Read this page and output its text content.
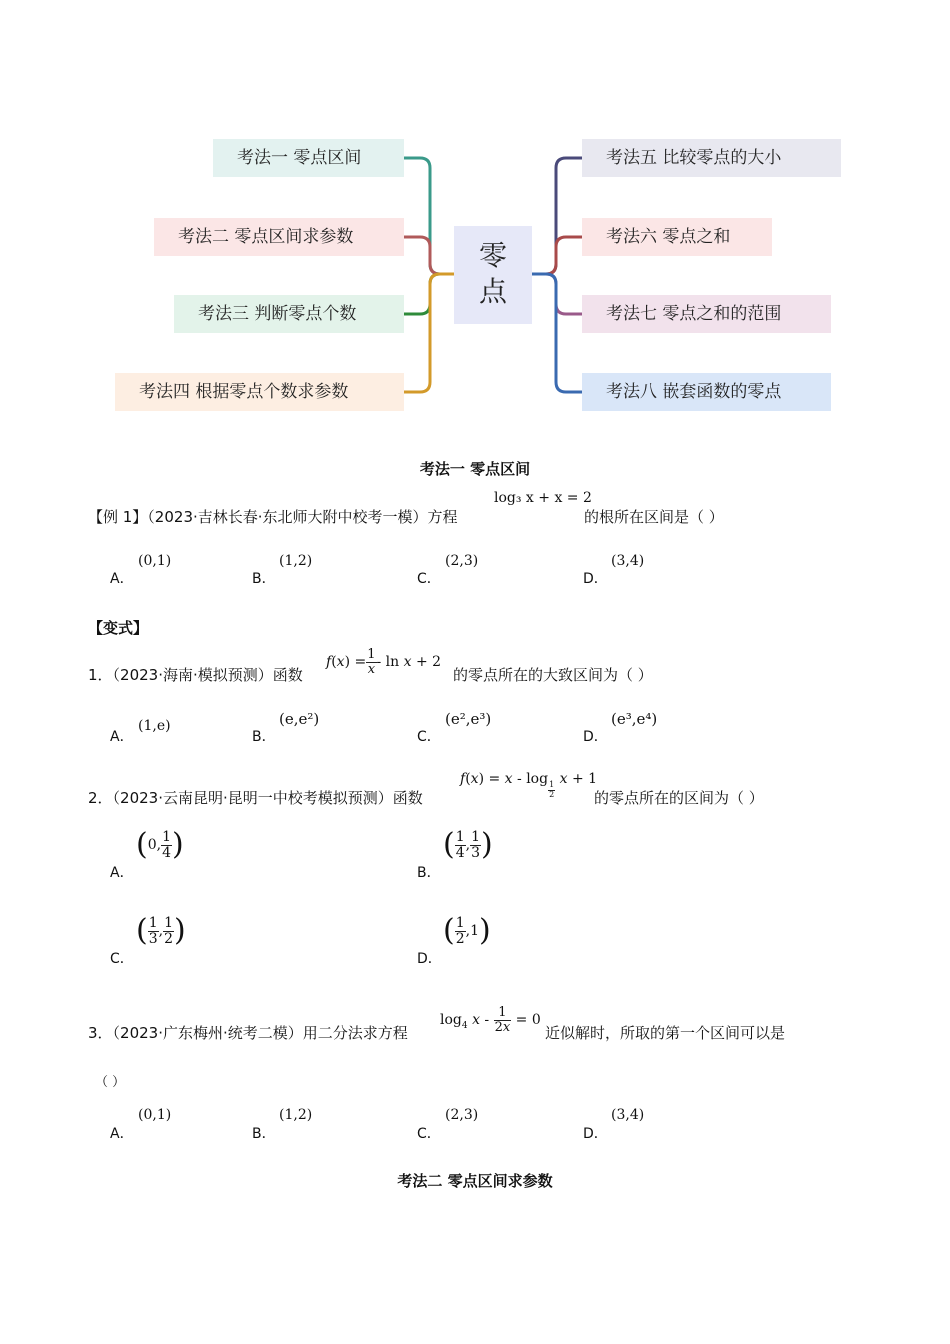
考法一 零点区间
考法二 零点区间求参数
考法三 判断零点个数
考法四 根据零点个数求参数
零
点
考法五 比较零点的大小
考法六 零点之和
考法七 零点之和的范围
考法八 嵌套函数的零点
考法一 零点区间
【例 1】（2023·吉林长春·东北师大附中校考一模）方程
log₃ x + x = 2
的根所在区间是（ ）
A．
(0,1)
B．
(1,2)
C．
(2,3)
D．
(3,4)
【变式】
1．（2023·海南·模拟预测）函数
$f(x) = \frac{1}{x} - \ln x + 2$
的零点所在的大致区间为（ ）
A．
(1,e)
B．
(e,e²)
C．
(e²,e³)
D．
(e³,e⁴)
2．（2023·云南昆明·昆明一中校考模拟预测）函数
f(x) = x - log
$_{\frac{1}{2}}$
x + 1
的零点所在的区间为（ ）
A．
(0, $\frac{1}{4}$ )
B．
( $\frac{1}{4}$ , $\frac{1}{3}$ )
C．
( $\frac{1}{3}$ , $\frac{1}{2}$ )
D．
( $\frac{1}{2} ,1$)
3．（2023·广东梅州·统考二模）用二分法求方程
$\log_4 x - \frac{1}{2x} = 0$
近似解时，所取的第一个区间可以是
（ ）
A．
(0,1)
B．
(1,2)
C．
(2,3)
D．
(3,4)
考法二 零点区间求参数
